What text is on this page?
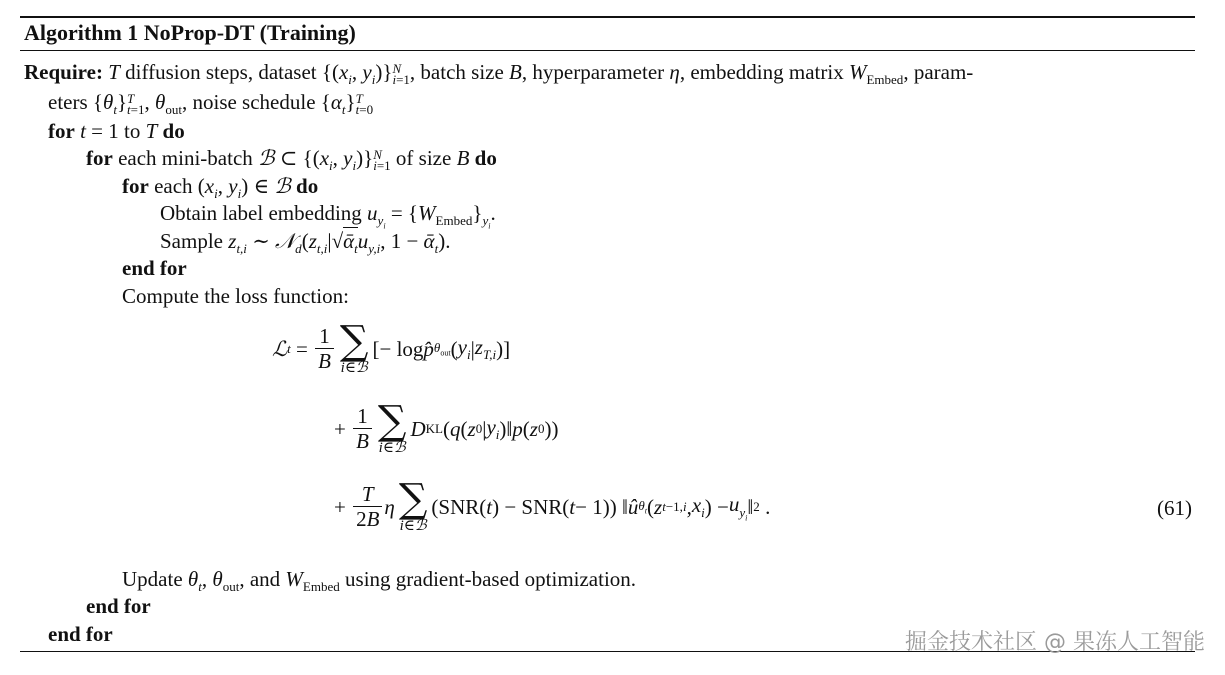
Algorithm 1 NoProp-DT (Training)
Require: T diffusion steps, dataset {($x_i$, $y_i$)} N
i=1 , batch size B, hyperparameter η, embedding matrix $W_{Embed}$, param-
eters $\{\theta_t\}$ T
t=1 , $\theta_{out}$, noise schedule $\{\alpha_t\}$ T
t=0
for t = 1 to T do
for each mini-batch ℬ ⊂ {($x_i$, $y_i$)} N
i=1 of size B do
for each ($x_i$, $y_i$) ∈ ℬ do
Obtain label embedding $u_{y_i} = \{W_{Embed}\}_{y_i}$.
Sample $z_{t,i}$ ∼ $𝒩_d(z_{t,i}|√ᾱ_tu_{y,i}$, 1 − ᾱ$_t$).
end for
Compute the loss function:
ℒ $t = \frac{1}{B}$ ∑
i∈ℬ
[− log p̂ $\theta_{out}$ ( $y_i$ | $z_{T,i}$ )]
+ $\frac{1}{B}$ ∑
i∈ℬ
D KL ( q ( z 0 | $y_i$ )‖ p ( z 0 ))
+ $\frac{T}{2B}$ η ∑
i∈ℬ
(SNR( t ) − SNR( t − 1)) ‖ û $\theta_t$ ( z t−1,i , $x_i$ ) − $u_{y_i}$ ‖ 2 .	(61)
Update $\theta_t$, $\theta_{out}$, and $W_{Embed}$ using gradient-based optimization.
end for
end for	掘金技术社区 @ 果冻人工智能
